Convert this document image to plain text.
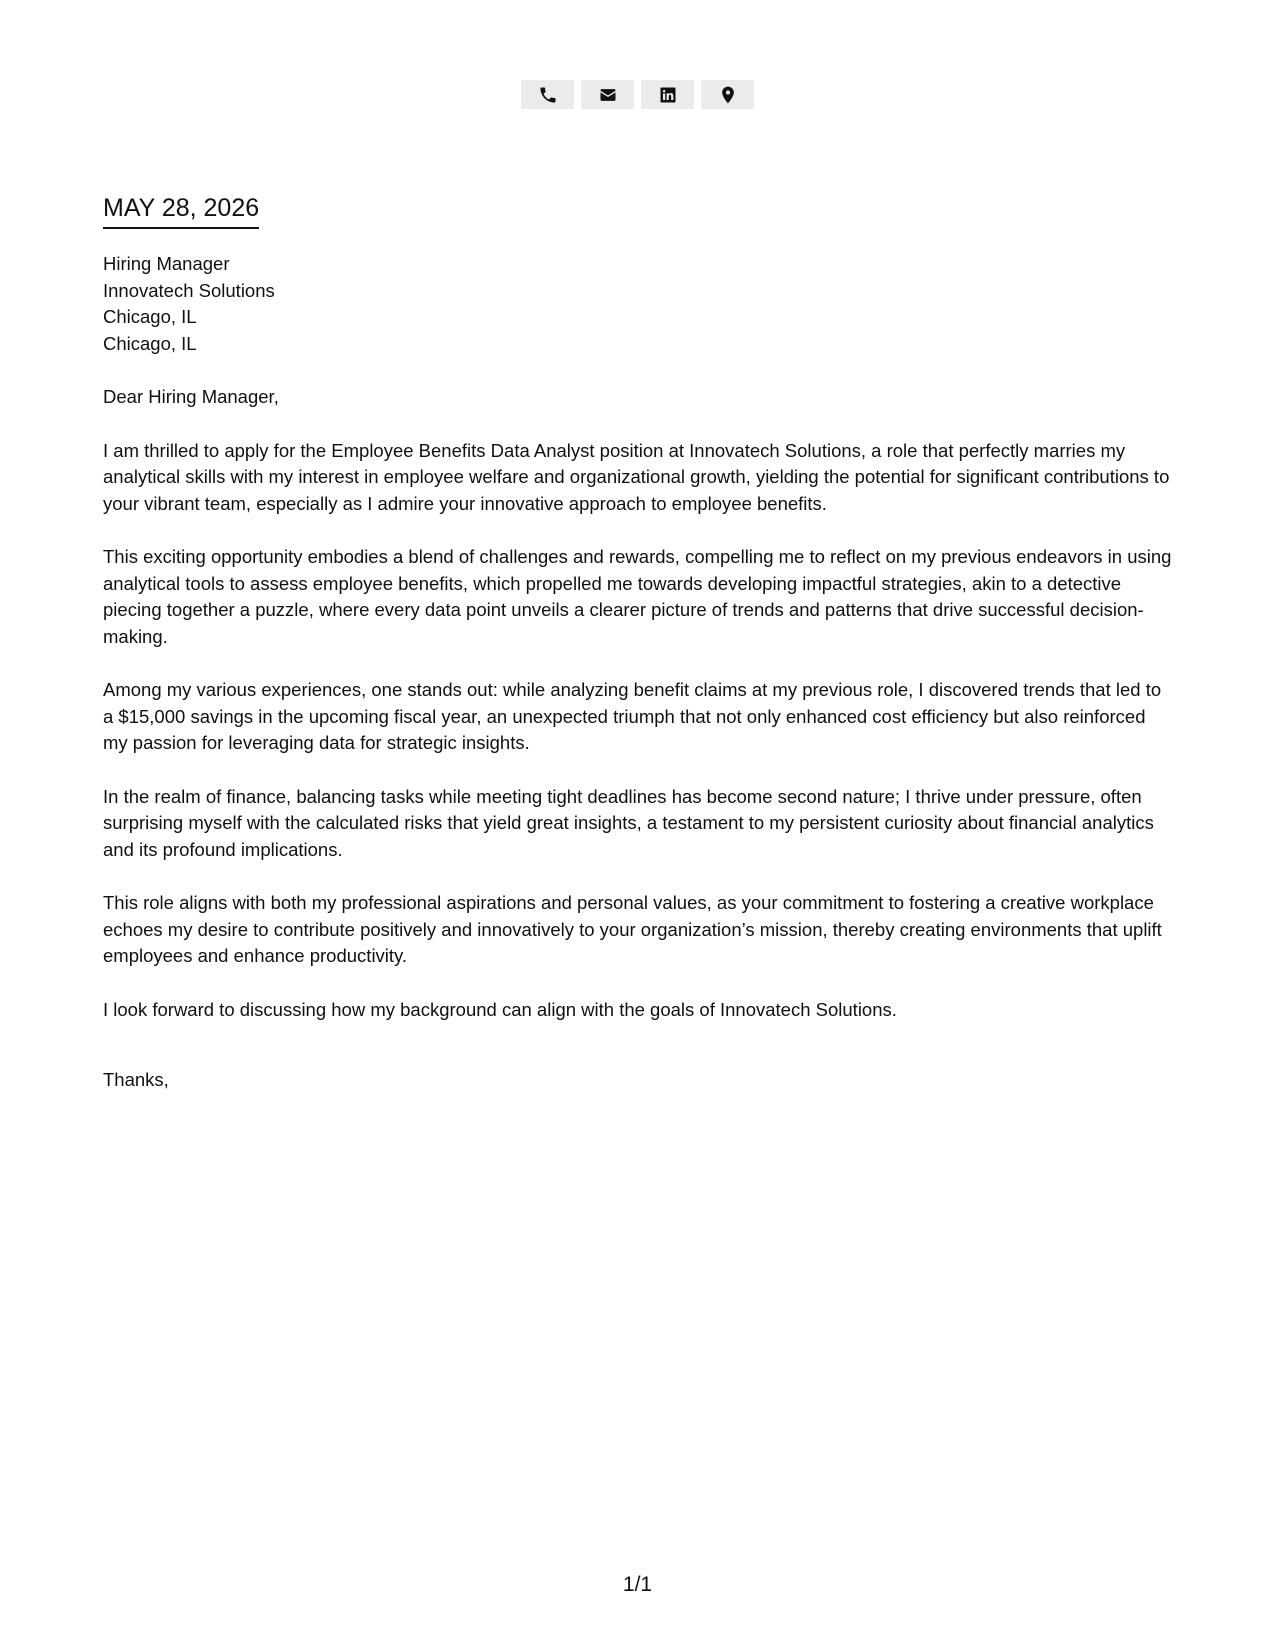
MAY 28, 2026
Hiring Manager
Innovatech Solutions
Chicago, IL
Chicago, IL
Dear Hiring Manager,

I am thrilled to apply for the Employee Benefits Data Analyst position at Innovatech Solutions, a role that perfectly marries my analytical skills with my interest in employee welfare and organizational growth, yielding the potential for significant contributions to your vibrant team, especially as I admire your innovative approach to employee benefits.

This exciting opportunity embodies a blend of challenges and rewards, compelling me to reflect on my previous endeavors in using analytical tools to assess employee benefits, which propelled me towards developing impactful strategies, akin to a detective piecing together a puzzle, where every data point unveils a clearer picture of trends and patterns that drive successful decision-making.

Among my various experiences, one stands out: while analyzing benefit claims at my previous role, I discovered trends that led to a $15,000 savings in the upcoming fiscal year, an unexpected triumph that not only enhanced cost efficiency but also reinforced my passion for leveraging data for strategic insights.

In the realm of finance, balancing tasks while meeting tight deadlines has become second nature; I thrive under pressure, often surprising myself with the calculated risks that yield great insights, a testament to my persistent curiosity about financial analytics and its profound implications.

This role aligns with both my professional aspirations and personal values, as your commitment to fostering a creative workplace echoes my desire to contribute positively and innovatively to your organization’s mission, thereby creating environments that uplift employees and enhance productivity.

I look forward to discussing how my background can align with the goals of Innovatech Solutions.

Thanks,
1/1
